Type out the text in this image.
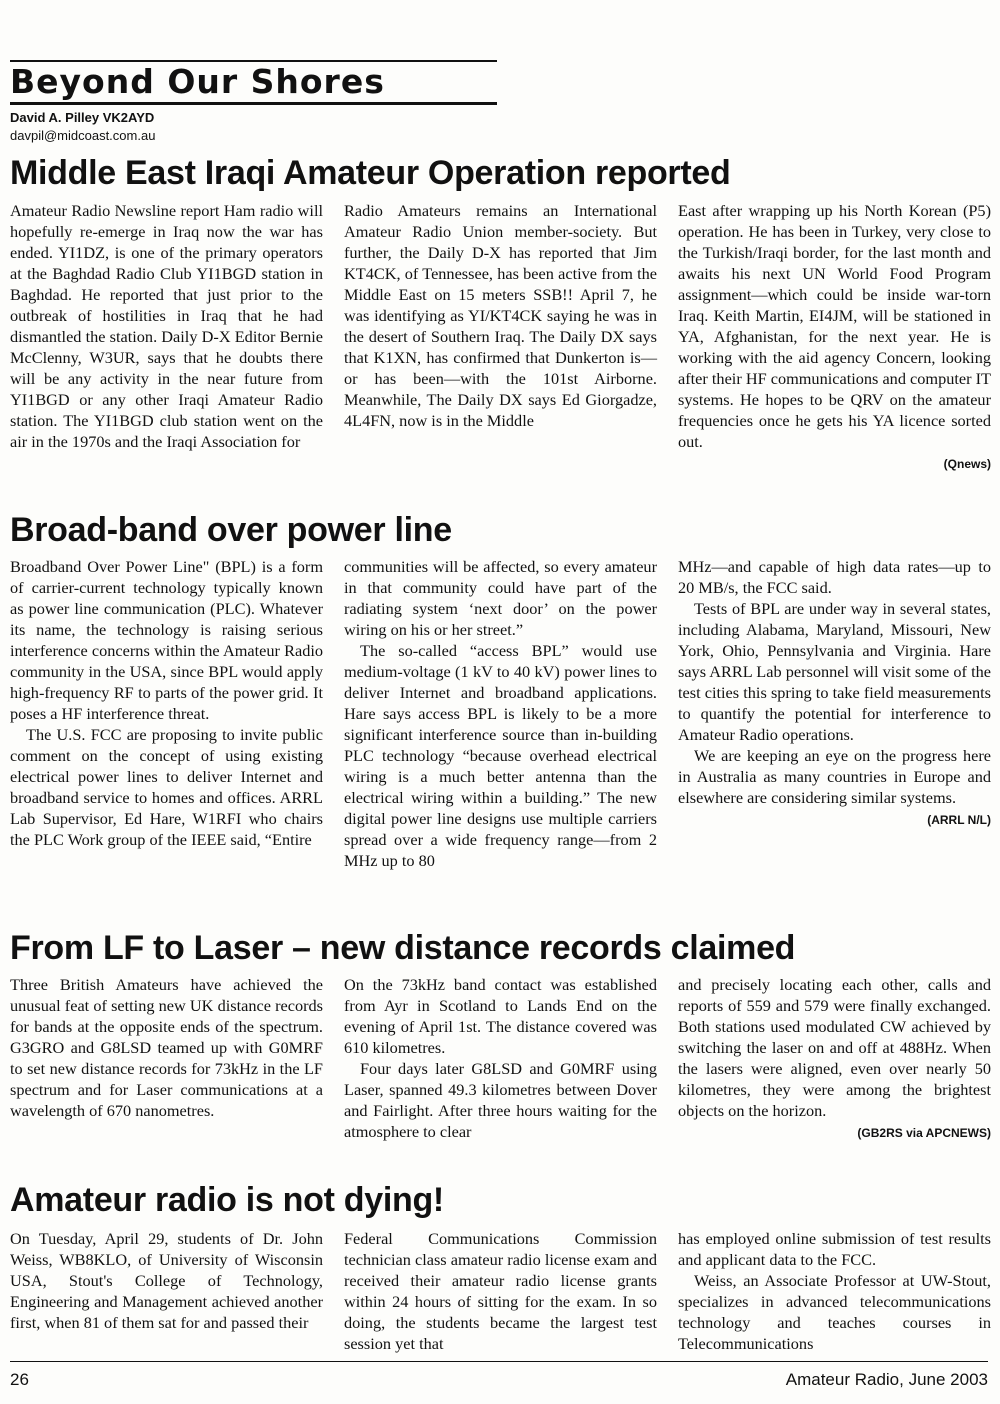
Beyond Our Shores
David A. Pilley VK2AYD
davpil@midcoast.com.au
Middle East Iraqi Amateur Operation reported

Amateur Radio Newsline report Ham radio will hopefully re-emerge in Iraq now the war has ended. YI1DZ, is one of the primary operators at the Baghdad Radio Club YI1BGD station in Baghdad. He reported that just prior to the outbreak of hostilities in Iraq that he had dismantled the station. Daily D-X Editor Bernie McClenny, W3UR, says that he doubts there will be any activity in the near future from YI1BGD or any other Iraqi Amateur Radio station. The YI1BGD club station went on the air in the 1970s and the Iraqi Association for

Radio Amateurs remains an International Amateur Radio Union member-society. But further, the Daily D-X has reported that Jim KT4CK, of Tennessee, has been active from the Middle East on 15 meters SSB!! April 7, he was identifying as YI/KT4CK saying he was in the desert of Southern Iraq. The Daily DX says that K1XN, has confirmed that Dunkerton is—or has been—with the 101st Airborne. Meanwhile, The Daily DX says Ed Giorgadze, 4L4FN, now is in the Middle

East after wrapping up his North Korean (P5) operation. He has been in Turkey, very close to the Turkish/Iraqi border, for the last month and awaits his next UN World Food Program assignment—which could be inside war-torn Iraq. Keith Martin, EI4JM, will be stationed in YA, Afghanistan, for the next year. He is working with the aid agency Concern, looking after their HF communications and computer IT systems. He hopes to be QRV on the amateur frequencies once he gets his YA licence sorted out.

(Qnews)
Broad-band over power line

Broadband Over Power Line" (BPL) is a form of carrier-current technology typically known as power line communication (PLC). Whatever its name, the technology is raising serious interference concerns within the Amateur Radio community in the USA, since BPL would apply high-frequency RF to parts of the power grid. It poses a HF interference threat.

The U.S. FCC are proposing to invite public comment on the concept of using existing electrical power lines to deliver Internet and broadband service to homes and offices. ARRL Lab Supervisor, Ed Hare, W1RFI who chairs the PLC Work group of the IEEE said, “Entire

communities will be affected, so every amateur in that community could have part of the radiating system ‘next door’ on the power wiring on his or her street.”

The so-called “access BPL” would use medium-voltage (1 kV to 40 kV) power lines to deliver Internet and broadband applications. Hare says access BPL is likely to be a more significant interference source than in-building PLC technology “because overhead electrical wiring is a much better antenna than the electrical wiring within a building.” The new digital power line designs use multiple carriers spread over a wide frequency range—from 2 MHz up to 80

MHz—and capable of high data rates—up to 20 MB/s, the FCC said.

Tests of BPL are under way in several states, including Alabama, Maryland, Missouri, New York, Ohio, Pennsylvania and Virginia. Hare says ARRL Lab personnel will visit some of the test cities this spring to take field measurements to quantify the potential for interference to Amateur Radio operations.

We are keeping an eye on the progress here in Australia as many countries in Europe and elsewhere are considering similar systems.

(ARRL N/L)
From LF to Laser – new distance records claimed

Three British Amateurs have achieved the unusual feat of setting new UK distance records for bands at the opposite ends of the spectrum. G3GRO and G8LSD teamed up with G0MRF to set new distance records for 73kHz in the LF spectrum and for Laser communications at a wavelength of 670 nanometres.

On the 73kHz band contact was established from Ayr in Scotland to Lands End on the evening of April 1st. The distance covered was 610 kilometres.

Four days later G8LSD and G0MRF using Laser, spanned 49.3 kilometres between Dover and Fairlight. After three hours waiting for the atmosphere to clear

and precisely locating each other, calls and reports of 559 and 579 were finally exchanged. Both stations used modulated CW achieved by switching the laser on and off at 488Hz. When the lasers were aligned, even over nearly 50 kilometres, they were among the brightest objects on the horizon.

(GB2RS via APCNEWS)
Amateur radio is not dying!

On Tuesday, April 29, students of Dr. John Weiss, WB8KLO, of University of Wisconsin USA, Stout's College of Technology, Engineering and Management achieved another first, when 81 of them sat for and passed their

Federal Communications Commission technician class amateur radio license exam and received their amateur radio license grants within 24 hours of sitting for the exam. In so doing, the students became the largest test session yet that

has employed online submission of test results and applicant data to the FCC.

Weiss, an Associate Professor at UW-Stout, specializes in advanced telecommunications technology and teaches courses in Telecommunications

26	Amateur Radio, June 2003
